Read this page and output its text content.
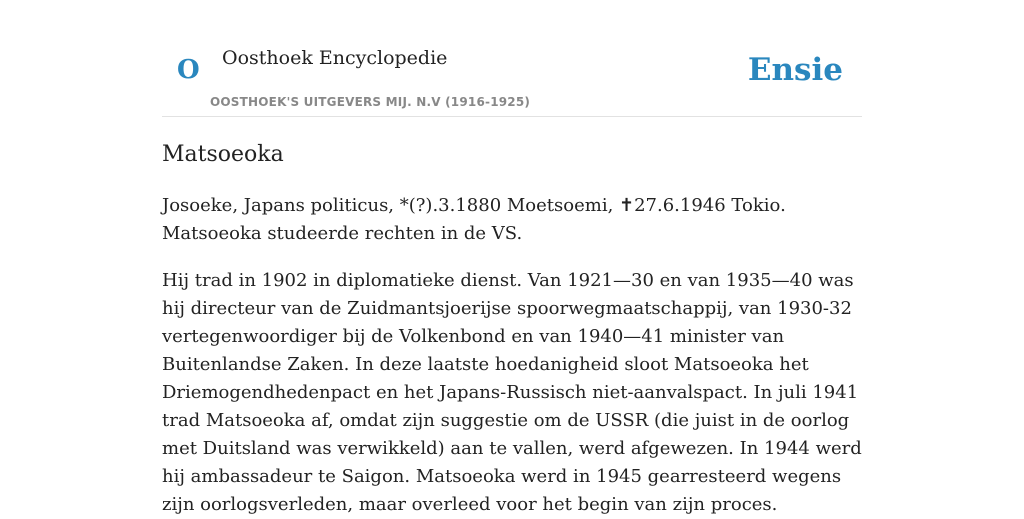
O Oosthoek Encyclopedie
OOSTHOEK'S UITGEVERS MIJ. N.V (1916-1925)
Ensie
Matsoeoka

Josoeke, Japans politicus, *(?).3.1880 Moetsoemi, ✝27.6.1946 Tokio. Matsoeoka studeerde rechten in de VS.

Hij trad in 1902 in diplomatieke dienst. Van 1921—30 en van 1935—40 was hij directeur van de Zuidmantsjoerijse spoorwegmaatschappij, van 1930-32 vertegenwoordiger bij de Volkenbond en van 1940—41 minister van Buitenlandse Zaken. In deze laatste hoedanigheid sloot Matsoeoka het Driemogendhedenpact en het Japans-Russisch niet-aanvalspact. In juli 1941 trad Matsoeoka af, omdat zijn suggestie om de USSR (die juist in de oorlog met Duitsland was verwikkeld) aan te vallen, werd afgewezen. In 1944 werd hij ambassadeur te Saigon. Matsoeoka werd in 1945 gearresteerd wegens zijn oorlogsverleden, maar overleed voor het begin van zijn proces.
